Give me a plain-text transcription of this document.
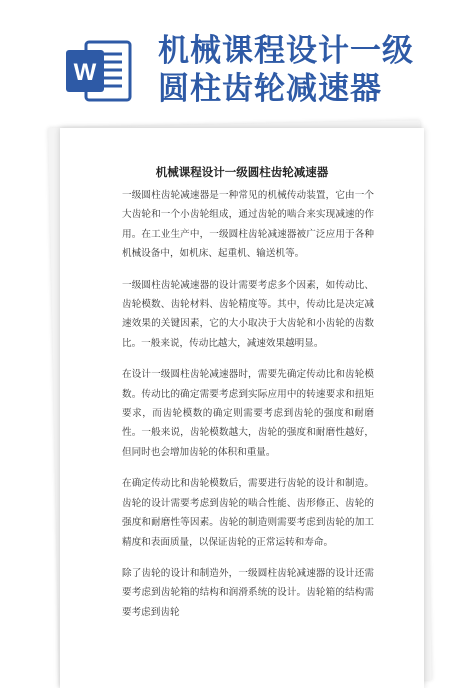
W
机械课程设计一级
圆柱齿轮减速器
机械课程设计一级圆柱齿轮减速器

一级圆柱齿轮减速器是一种常见的机械传动装置，它由一个大齿轮和一个小齿轮组成，通过齿轮的啮合来实现减速的作用。在工业生产中，一级圆柱齿轮减速器被广泛应用于各种机械设备中，如机床、起重机、输送机等。

一级圆柱齿轮减速器的设计需要考虑多个因素，如传动比、齿轮模数、齿轮材料、齿轮精度等。其中，传动比是决定减速效果的关键因素，它的大小取决于大齿轮和小齿轮的齿数比。一般来说，传动比越大，减速效果越明显。

在设计一级圆柱齿轮减速器时，需要先确定传动比和齿轮模数。传动比的确定需要考虑到实际应用中的转速要求和扭矩要求，而齿轮模数的确定则需要考虑到齿轮的强度和耐磨性。一般来说，齿轮模数越大，齿轮的强度和耐磨性越好，但同时也会增加齿轮的体积和重量。

在确定传动比和齿轮模数后，需要进行齿轮的设计和制造。齿轮的设计需要考虑到齿轮的啮合性能、齿形修正、齿轮的强度和耐磨性等因素。齿轮的制造则需要考虑到齿轮的加工精度和表面质量，以保证齿轮的正常运转和寿命。

除了齿轮的设计和制造外，一级圆柱齿轮减速器的设计还需要考虑到齿轮箱的结构和润滑系统的设计。齿轮箱的结构需要考虑到齿轮
